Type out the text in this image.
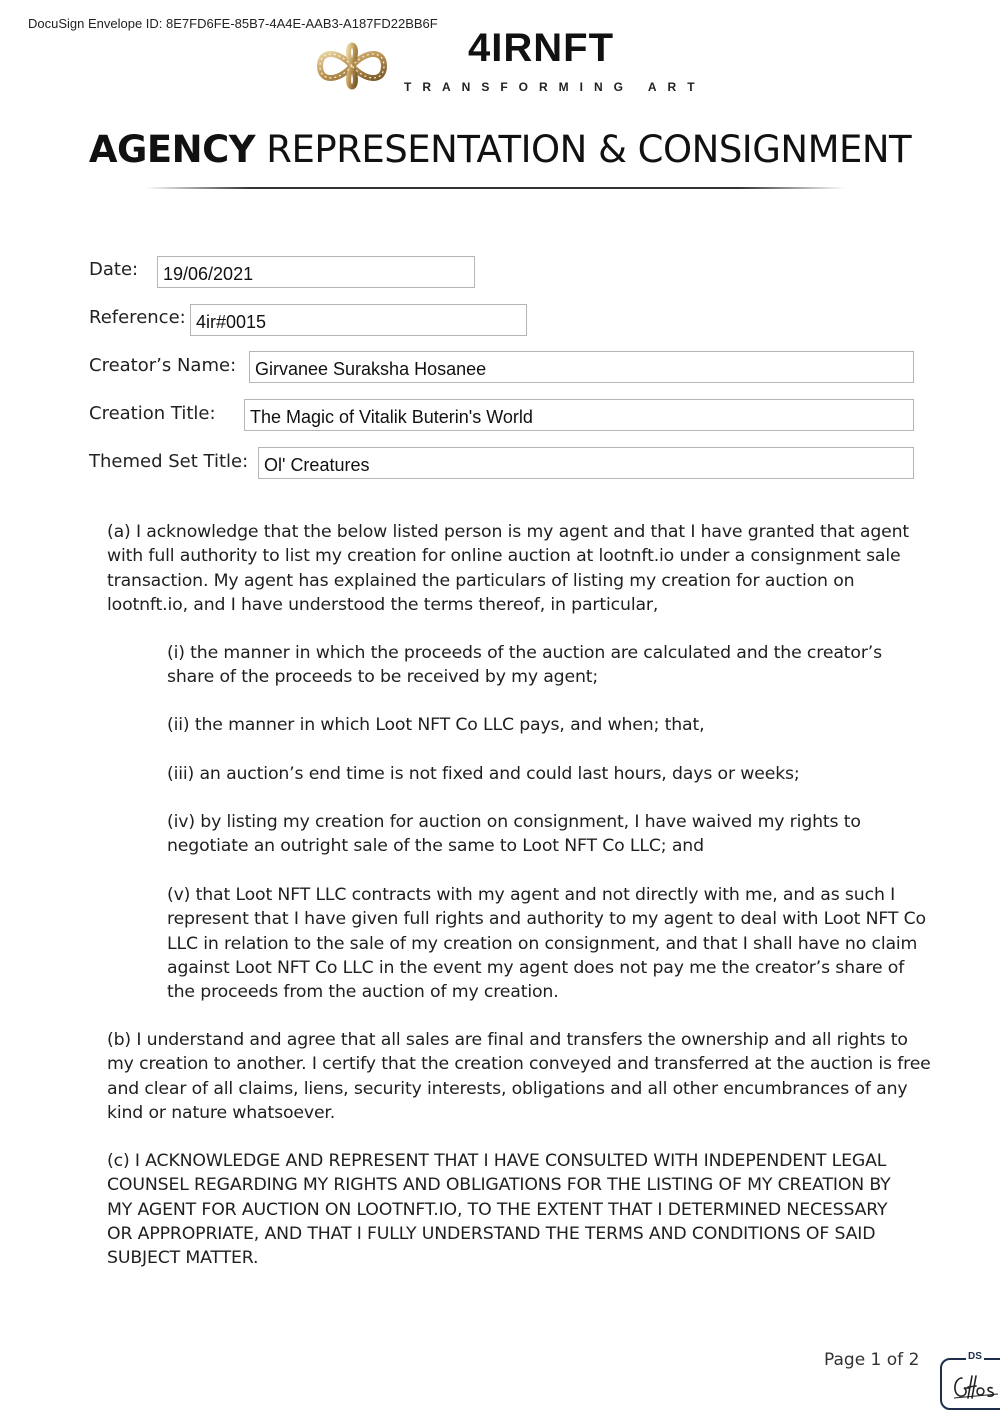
DocuSign Envelope ID: 8E7FD6FE-85B7-4A4E-AAB3-A187FD22BB6F
4IRNFT
TRANSFORMING ART
AGENCY REPRESENTATION & CONSIGNMENT
Date:	19/06/2021
Reference: 4ir#0015
Creator’s Name:	Girvanee Suraksha Hosanee
Creation Title:	The Magic of Vitalik Buterin's World
Themed Set Title: Ol' Creatures

(a) I acknowledge that the below listed person is my agent and that I have granted that agent with full authority to list my creation for online auction at lootnft.io under a consignment sale transaction. My agent has explained the particulars of listing my creation for auction on lootnft.io, and I have understood the terms thereof, in particular,

(i) the manner in which the proceeds of the auction are calculated and the creator’s share of the proceeds to be received by my agent;

(ii) the manner in which Loot NFT Co LLC pays, and when; that,

(iii) an auction’s end time is not fixed and could last hours, days or weeks;

(iv) by listing my creation for auction on consignment, I have waived my rights to negotiate an outright sale of the same to Loot NFT Co LLC; and

(v) that Loot NFT LLC contracts with my agent and not directly with me, and as such I represent that I have given full rights and authority to my agent to deal with Loot NFT Co LLC in relation to the sale of my creation on consignment, and that I shall have no claim against Loot NFT Co LLC in the event my agent does not pay me the creator’s share of the proceeds from the auction of my creation.

(b) I understand and agree that all sales are final and transfers the ownership and all rights to my creation to another. I certify that the creation conveyed and transferred at the auction is free and clear of all claims, liens, security interests, obligations and all other encumbrances of any kind or nature whatsoever.

(c) I ACKNOWLEDGE AND REPRESENT THAT I HAVE CONSULTED WITH INDEPENDENT LEGAL COUNSEL REGARDING MY RIGHTS AND OBLIGATIONS FOR THE LISTING OF MY CREATION BY MY AGENT FOR AUCTION ON LOOTNFT.IO, TO THE EXTENT THAT I DETERMINED NECESSARY OR APPROPRIATE, AND THAT I FULLY UNDERSTAND THE TERMS AND CONDITIONS OF SAID SUBJECT MATTER.

Page 1 of 2	DS
